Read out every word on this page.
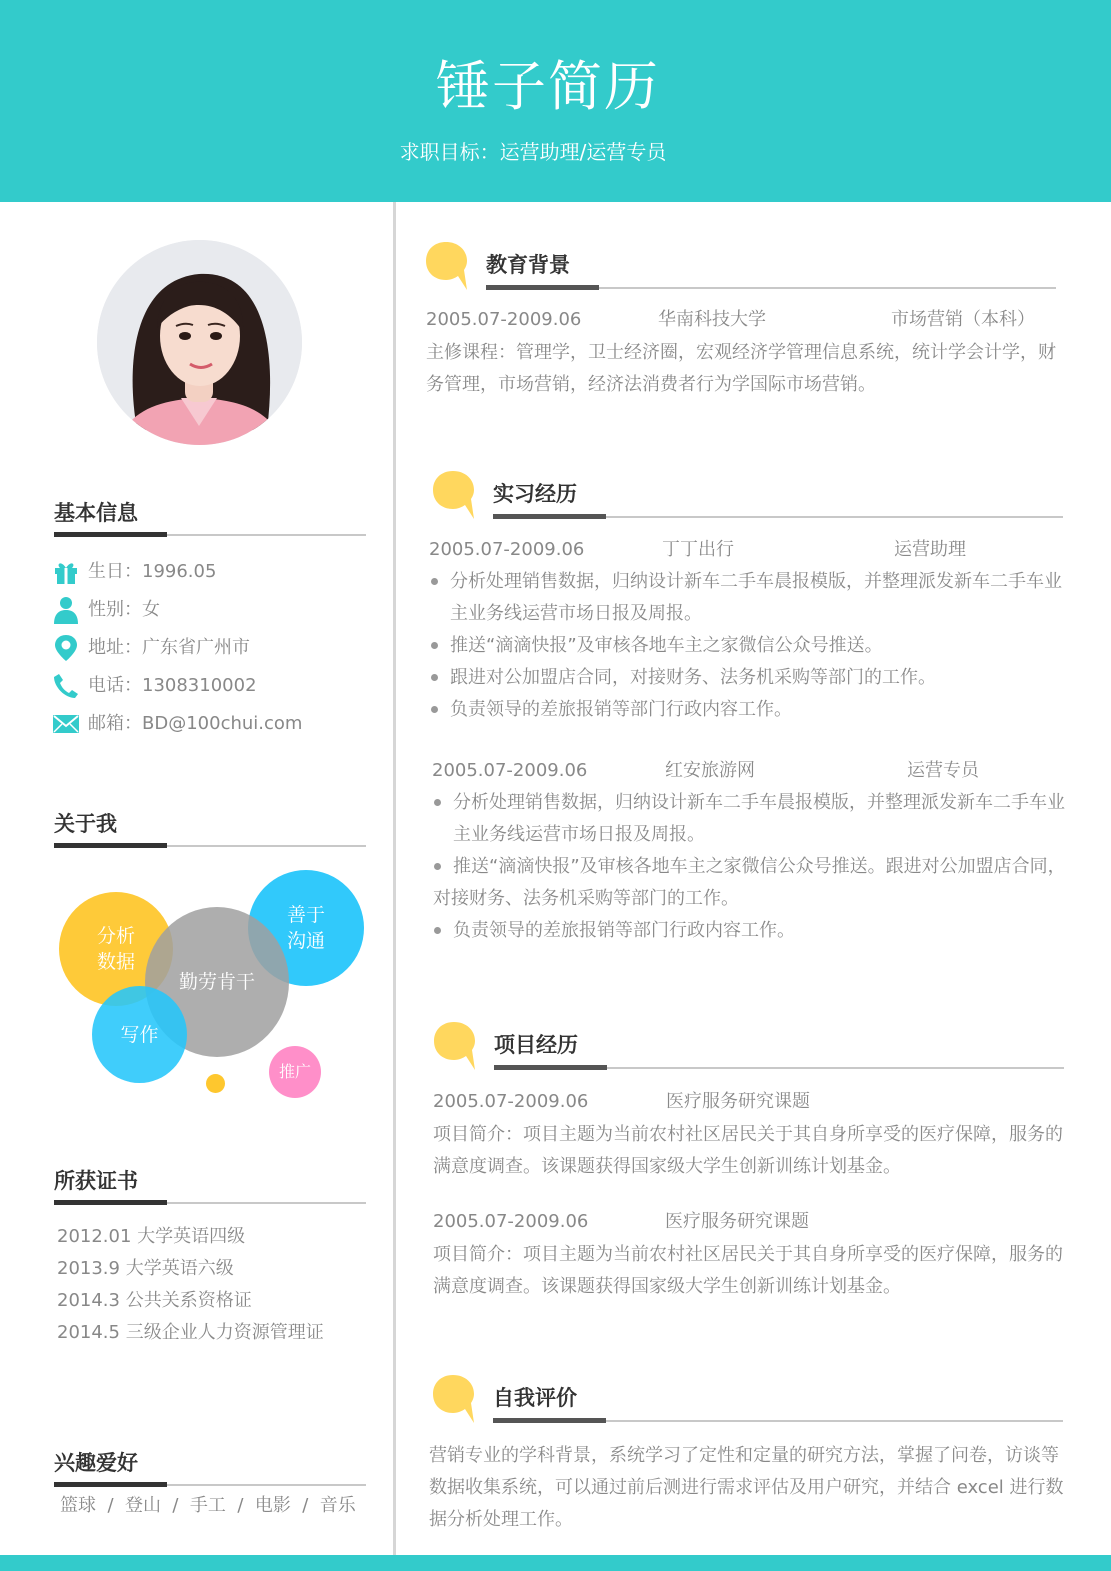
锤子简历
求职目标：运营助理/运营专员
基本信息
生日：1996.05
性别：女
地址：广东省广州市
电话：1308310002
邮箱：BD@100chui.com
关于我
分析
数据
善于
沟通
勤劳肯干
写作
推广
所获证书
2012.01 大学英语四级
2013.9 大学英语六级
2014.3 公共关系资格证
2014.5 三级企业人力资源管理证
兴趣爱好
篮球  /  登山  /  手工  /  电影  /  音乐
教育背景
2005.07-2009.06	华南科技大学	市场营销（本科）
主修课程：管理学，卫士经济圈，宏观经济学管理信息系统，统计学会计学，财务管理，市场营销，经济法消费者行为学国际市场营销。
实习经历
2005.07-2009.06	丁丁出行	运营助理
分析处理销售数据，归纳设计新车二手车晨报模版，并整理派发新车二手车业主业务线运营市场日报及周报。
推送“滴滴快报”及审核各地车主之家微信公众号推送。
跟进对公加盟店合同，对接财务、法务机采购等部门的工作。
负责领导的差旅报销等部门行政内容工作。
2005.07-2009.06	红安旅游网	运营专员
分析处理销售数据，归纳设计新车二手车晨报模版，并整理派发新车二手车业主业务线运营市场日报及周报。
推送“滴滴快报”及审核各地车主之家微信公众号推送。跟进对公加盟店合同，对接财务、法务机采购等部门的工作。
负责领导的差旅报销等部门行政内容工作。
项目经历
2005.07-2009.06	医疗服务研究课题
项目简介：项目主题为当前农村社区居民关于其自身所享受的医疗保障，服务的满意度调查。该课题获得国家级大学生创新训练计划基金。
2005.07-2009.06	医疗服务研究课题
项目简介：项目主题为当前农村社区居民关于其自身所享受的医疗保障，服务的满意度调查。该课题获得国家级大学生创新训练计划基金。
自我评价
营销专业的学科背景，系统学习了定性和定量的研究方法，掌握了问卷，访谈等数据收集系统，可以通过前后测进行需求评估及用户研究，并结合 excel 进行数据分析处理工作。
